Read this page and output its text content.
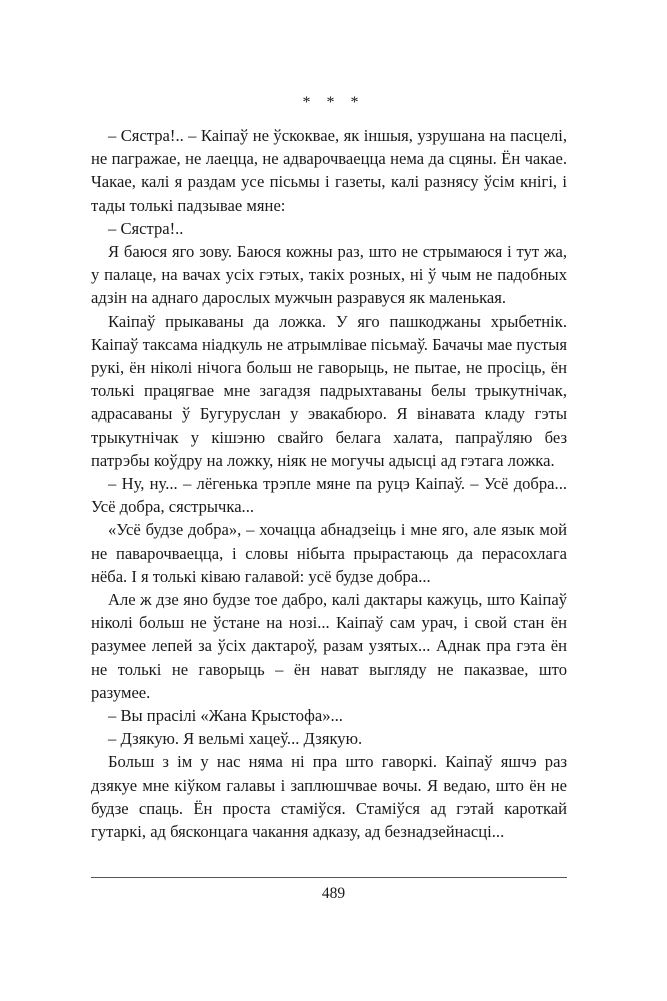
* * *

– Сястра!.. – Каіпаў не ўскоквае, як іншыя, узрушана на пасцелі, не пагражае, не лаецца, не адварочваецца нема да сцяны. Ён чакае. Чакае, калі я раздам усе пісьмы і газеты, калі разнясу ўсім кнігі, і тады толькі падзывае мяне:

– Сястра!..

Я баюся яго зову. Баюся кожны раз, што не стрымаюся і тут жа, у палаце, на вачах усіх гэтых, такіх розных, ні ў чым не падобных адзін на аднаго дарослых мужчын разравуся як маленькая.

Каіпаў прыкаваны да ложка. У яго пашкоджаны хрыбетнік. Каіпаў таксама ніадкуль не атрымлівае пісьмаў. Бачачы мае пустыя рукі, ён ніколі нічога больш не гаворыць, не пытае, не просіць, ён толькі працягвае мне загадзя падрыхтаваны белы трыкутнічак, адрасаваны ў Бугуруслан у эвакабюро. Я вінавата кладу гэты трыкутнічак у кішэню свайго белага халата, папраўляю без патрэбы коўдру на ложку, ніяк не могучы адысці ад гэтага ложка.

– Ну, ну... – лёгенька трэпле мяне па руцэ Каіпаў. – Усё добра... Усё добра, сястрычка...

«Усё будзе добра», – хочацца абнадзеіць і мне яго, але язык мой не паварочваецца, і словы нібыта прырастаюць да перасохлага нёба. І я толькі ківаю галавой: усё будзе добра...

Але ж дзе яно будзе тое дабро, калі дактары кажуць, што Каіпаў ніколі больш не ўстане на нозі... Каіпаў сам урач, і свой стан ён разумее лепей за ўсіх дактароў, разам узятых... Аднак пра гэта ён не толькі не гаворыць – ён нават выгляду не паказвае, што разумее.

– Вы прасілі «Жана Крыстофа»...

– Дзякую. Я вельмі хацеў... Дзякую.

Больш з ім у нас няма ні пра што гаворкі. Каіпаў яшчэ раз дзякуе мне кіўком галавы і заплюшчвае вочы. Я ведаю, што ён не будзе спаць. Ён проста стаміўся. Стаміўся ад гэтай кароткай гутаркі, ад бясконцага чакання адказу, ад безнадзейнасці...

489
